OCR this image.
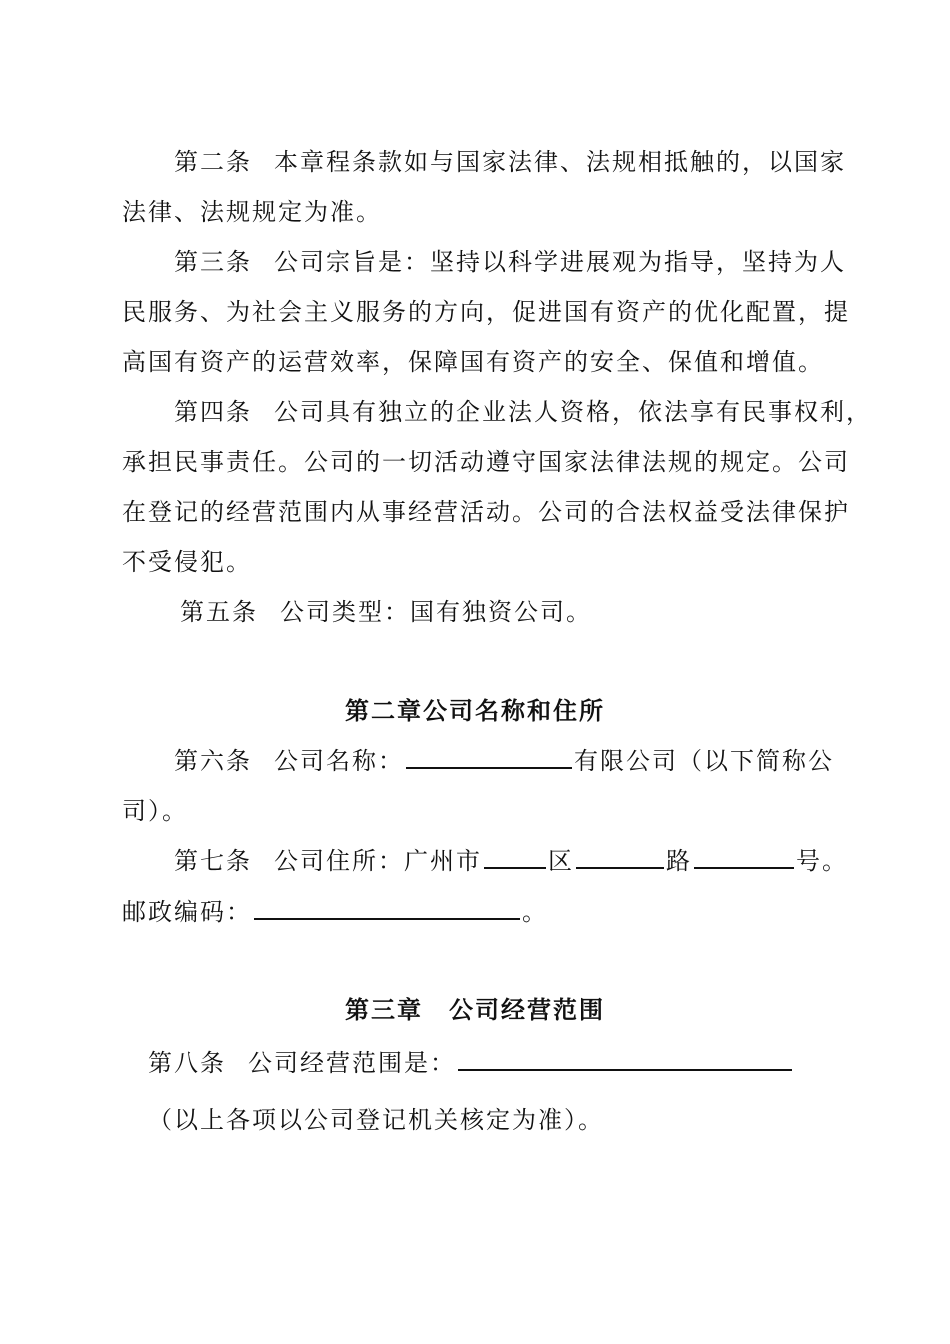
第二条 本章程条款如与国家法律、法规相抵触的，以国家
法律、法规规定为准。
第三条 公司宗旨是：坚持以科学进展观为指导，坚持为人
民服务、为社会主义服务的方向，促进国有资产的优化配置，提
高国有资产的运营效率，保障国有资产的安全、保值和增值。
第四条 公司具有独立的企业法人资格，依法享有民事权利，
承担民事责任。公司的一切活动遵守国家法律法规的规定。公司
在登记的经营范围内从事经营活动。公司的合法权益受法律保护
不受侵犯。
第五条 公司类型：国有独资公司。
第二章公司名称和住所
第六条 公司名称：	有限公司（以下简称公
司）。
第七条 公司住所：广州市	区	路	号。
邮政编码：	。
第三章　公司经营范围
第八条 公司经营范围是：
（以上各项以公司登记机关核定为准）。
